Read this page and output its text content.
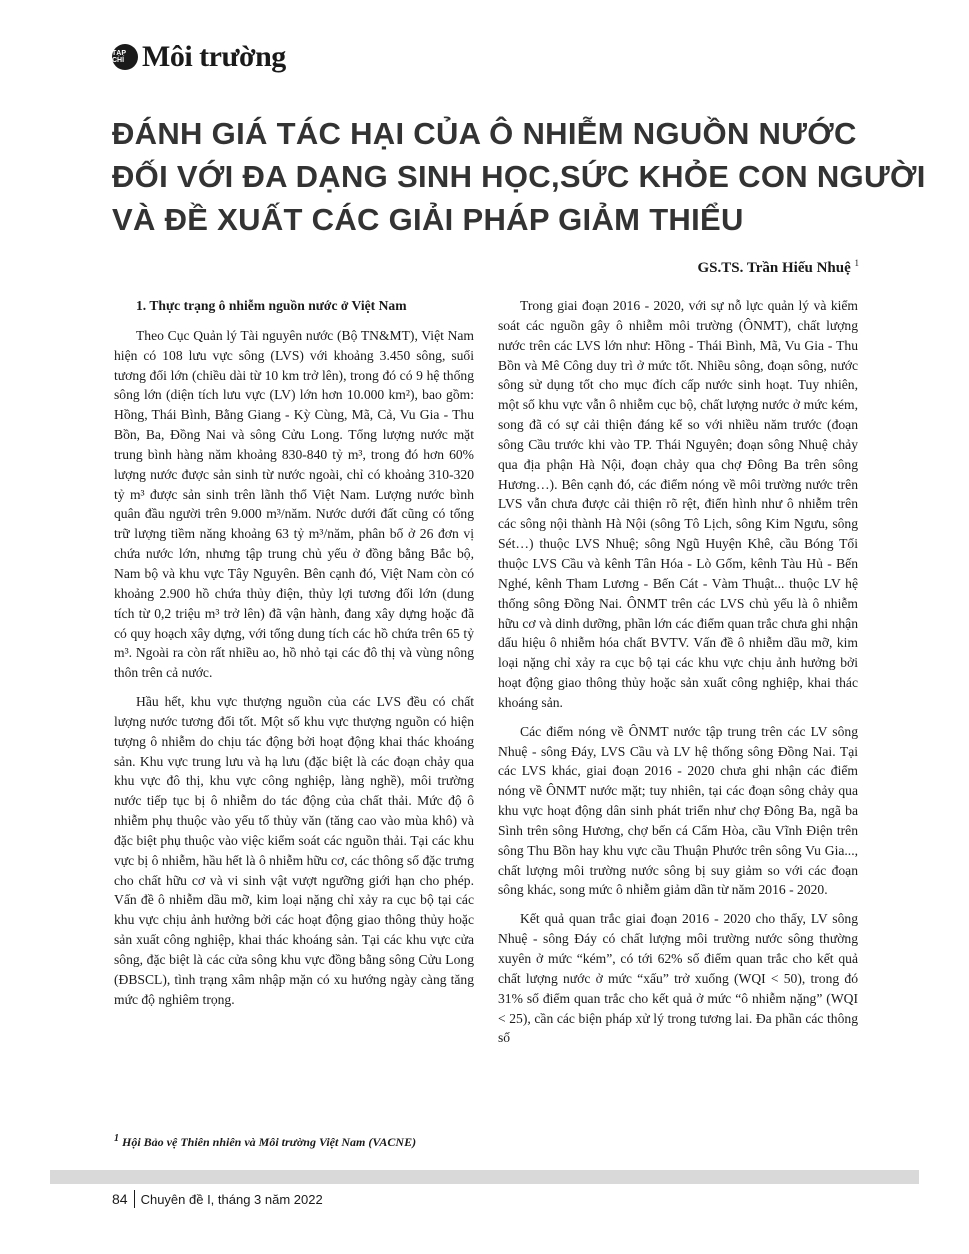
TẠP CHÍ Môi trường
ĐÁNH GIÁ TÁC HẠI CỦA Ô NHIỄM NGUỒN NƯỚC
ĐỐI VỚI ĐA DẠNG SINH HỌC,SỨC KHỎE CON NGƯỜI
VÀ ĐỀ XUẤT CÁC GIẢI PHÁP GIẢM THIỂU
GS.TS. Trần Hiếu Nhuệ $^1$
1. Thực trạng ô nhiễm nguồn nước ở Việt Nam

Theo Cục Quản lý Tài nguyên nước (Bộ TN&MT), Việt Nam hiện có 108 lưu vực sông (LVS) với khoảng 3.450 sông, suối tương đối lớn (chiều dài từ 10 km trở lên), trong đó có 9 hệ thống sông lớn (diện tích lưu vực (LV) lớn hơn 10.000 km²), bao gồm: Hồng, Thái Bình, Bằng Giang - Kỳ Cùng, Mã, Cả, Vu Gia - Thu Bồn, Ba, Đồng Nai và sông Cửu Long. Tổng lượng nước mặt trung bình hàng năm khoảng 830-840 tỷ m³, trong đó hơn 60% lượng nước được sản sinh từ nước ngoài, chỉ có khoảng 310-320 tỷ m³ được sản sinh trên lãnh thổ Việt Nam. Lượng nước bình quân đầu người trên 9.000 m³/năm. Nước dưới đất cũng có tổng trữ lượng tiềm năng khoảng 63 tỷ m³/năm, phân bố ở 26 đơn vị chứa nước lớn, nhưng tập trung chủ yếu ở đồng bằng Bắc bộ, Nam bộ và khu vực Tây Nguyên. Bên cạnh đó, Việt Nam còn có khoảng 2.900 hồ chứa thủy điện, thủy lợi tương đối lớn (dung tích từ 0,2 triệu m³ trở lên) đã vận hành, đang xây dựng hoặc đã có quy hoạch xây dựng, với tổng dung tích các hồ chứa trên 65 tỷ m³. Ngoài ra còn rất nhiều ao, hồ nhỏ tại các đô thị và vùng nông thôn trên cả nước.

Hầu hết, khu vực thượng nguồn của các LVS đều có chất lượng nước tương đối tốt. Một số khu vực thượng nguồn có hiện tượng ô nhiễm do chịu tác động bởi hoạt động khai thác khoáng sản. Khu vực trung lưu và hạ lưu (đặc biệt là các đoạn chảy qua khu vực đô thị, khu vực công nghiệp, làng nghề), môi trường nước tiếp tục bị ô nhiễm do tác động của chất thải. Mức độ ô nhiễm phụ thuộc vào yếu tố thủy văn (tăng cao vào mùa khô) và đặc biệt phụ thuộc vào việc kiểm soát các nguồn thải. Tại các khu vực bị ô nhiễm, hầu hết là ô nhiễm hữu cơ, các thông số đặc trưng cho chất hữu cơ và vi sinh vật vượt ngưỡng giới hạn cho phép. Vấn đề ô nhiễm dầu mỡ, kim loại nặng chỉ xảy ra cục bộ tại các khu vực chịu ảnh hưởng bởi các hoạt động giao thông thủy hoặc sản xuất công nghiệp, khai thác khoáng sản. Tại các khu vực cửa sông, đặc biệt là các cửa sông khu vực đồng bằng sông Cửu Long (ĐBSCL), tình trạng xâm nhập mặn có xu hướng ngày càng tăng mức độ nghiêm trọng.

Trong giai đoạn 2016 - 2020, với sự nỗ lực quản lý và kiểm soát các nguồn gây ô nhiễm môi trường (ÔNMT), chất lượng nước trên các LVS lớn như: Hồng - Thái Bình, Mã, Vu Gia - Thu Bồn và Mê Công duy trì ở mức tốt. Nhiều sông, đoạn sông, nước sông sử dụng tốt cho mục đích cấp nước sinh hoạt. Tuy nhiên, một số khu vực vẫn ô nhiễm cục bộ, chất lượng nước ở mức kém, song đã có sự cải thiện đáng kể so với nhiều năm trước (đoạn sông Cầu trước khi vào TP. Thái Nguyên; đoạn sông Nhuệ chảy qua địa phận Hà Nội, đoạn chảy qua chợ Đông Ba trên sông Hương…). Bên cạnh đó, các điểm nóng về môi trường nước trên LVS vẫn chưa được cải thiện rõ rệt, điển hình như ô nhiễm trên các sông nội thành Hà Nội (sông Tô Lịch, sông Kim Ngưu, sông Sét…) thuộc LVS Nhuệ; sông Ngũ Huyện Khê, cầu Bóng Tối thuộc LVS Cầu và kênh Tân Hóa - Lò Gốm, kênh Tàu Hủ - Bến Nghé, kênh Tham Lương - Bến Cát - Vàm Thuật... thuộc LV hệ thống sông Đồng Nai. ÔNMT trên các LVS chủ yếu là ô nhiễm hữu cơ và dinh dưỡng, phần lớn các điểm quan trắc chưa ghi nhận dấu hiệu ô nhiễm hóa chất BVTV. Vấn đề ô nhiễm dầu mỡ, kim loại nặng chỉ xảy ra cục bộ tại các khu vực chịu ảnh hưởng bởi hoạt động giao thông thủy hoặc sản xuất công nghiệp, khai thác khoáng sản.

Các điểm nóng về ÔNMT nước tập trung trên các LV sông Nhuệ - sông Đáy, LVS Cầu và LV hệ thống sông Đồng Nai. Tại các LVS khác, giai đoạn 2016 - 2020 chưa ghi nhận các điểm nóng về ÔNMT nước mặt; tuy nhiên, tại các đoạn sông chảy qua khu vực hoạt động dân sinh phát triển như chợ Đông Ba, ngã ba Sình trên sông Hương, chợ bến cá Cẩm Hòa, cầu Vĩnh Điện trên sông Thu Bồn hay khu vực cầu Thuận Phước trên sông Vu Gia..., chất lượng môi trường nước sông bị suy giảm so với các đoạn sông khác, song mức ô nhiễm giảm dần từ năm 2016 - 2020.

Kết quả quan trắc giai đoạn 2016 - 2020 cho thấy, LV sông Nhuệ - sông Đáy có chất lượng môi trường nước sông thường xuyên ở mức “kém”, có tới 62% số điểm quan trắc cho kết quả chất lượng nước ở mức “xấu” trở xuống (WQI < 50), trong đó 31% số điểm quan trắc cho kết quả ở mức “ô nhiễm nặng” (WQI < 25), cần các biện pháp xử lý trong tương lai. Đa phần các thông số

$^1$ Hội Bảo vệ Thiên nhiên và Môi trường Việt Nam (VACNE)
84 Chuyên đề I, tháng 3 năm 2022
